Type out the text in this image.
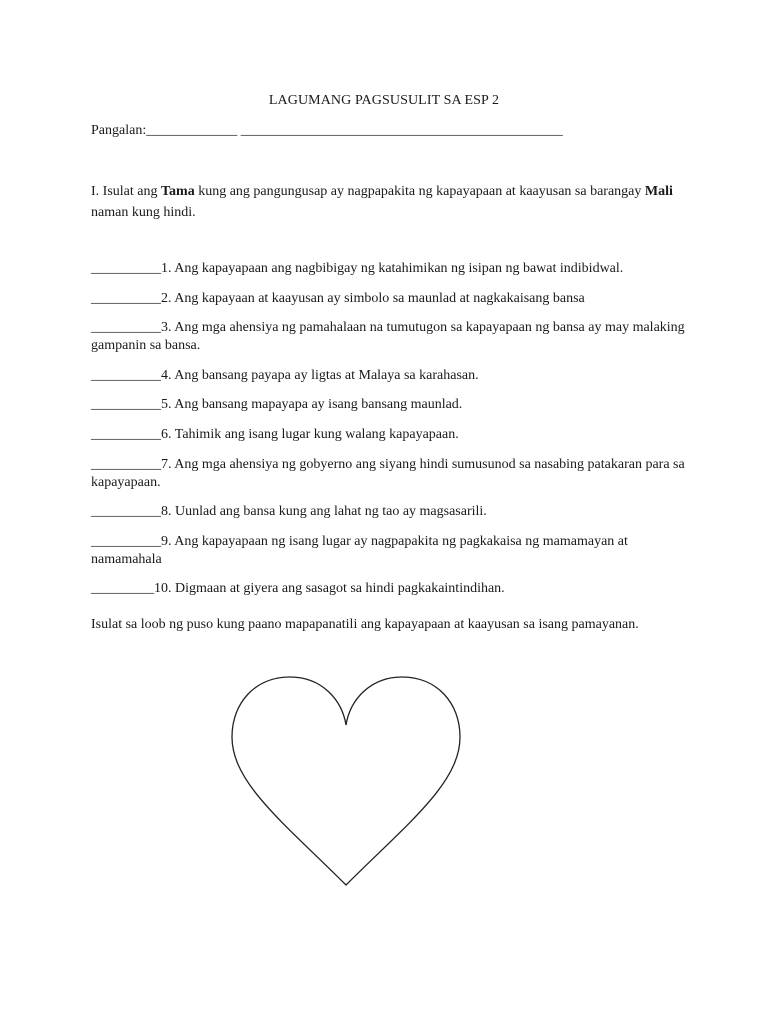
LAGUMANG PAGSUSULIT SA ESP 2
Pangalan:_____________ ______________________________________________
I. Isulat ang Tama kung ang pangungusap ay nagpapakita ng kapayapaan at kaayusan sa barangay Mali naman kung hindi.

__________1. Ang kapayapaan ang nagbibigay ng katahimikan ng isipan ng bawat indibidwal.

__________2. Ang kapayaan at kaayusan ay simbolo sa maunlad at nagkakaisang bansa

__________3. Ang mga ahensiya ng pamahalaan na tumutugon sa kapayapaan ng bansa ay may malaking gampanin sa bansa.

__________4. Ang bansang payapa ay ligtas at Malaya sa karahasan.

__________5. Ang bansang mapayapa ay isang bansang maunlad.

__________6. Tahimik ang isang lugar kung walang kapayapaan.

__________7. Ang mga ahensiya ng gobyerno ang siyang hindi sumusunod sa nasabing patakaran para sa kapayapaan.

__________8. Uunlad ang bansa kung ang lahat ng tao ay magsasarili.

__________9. Ang kapayapaan ng isang lugar ay nagpapakita ng pagkakaisa ng mamamayan at namamahala

_________10. Digmaan at giyera ang sasagot sa hindi pagkakaintindihan.

Isulat sa loob ng puso kung paano mapapanatili ang kapayapaan at kaayusan sa isang pamayanan.
